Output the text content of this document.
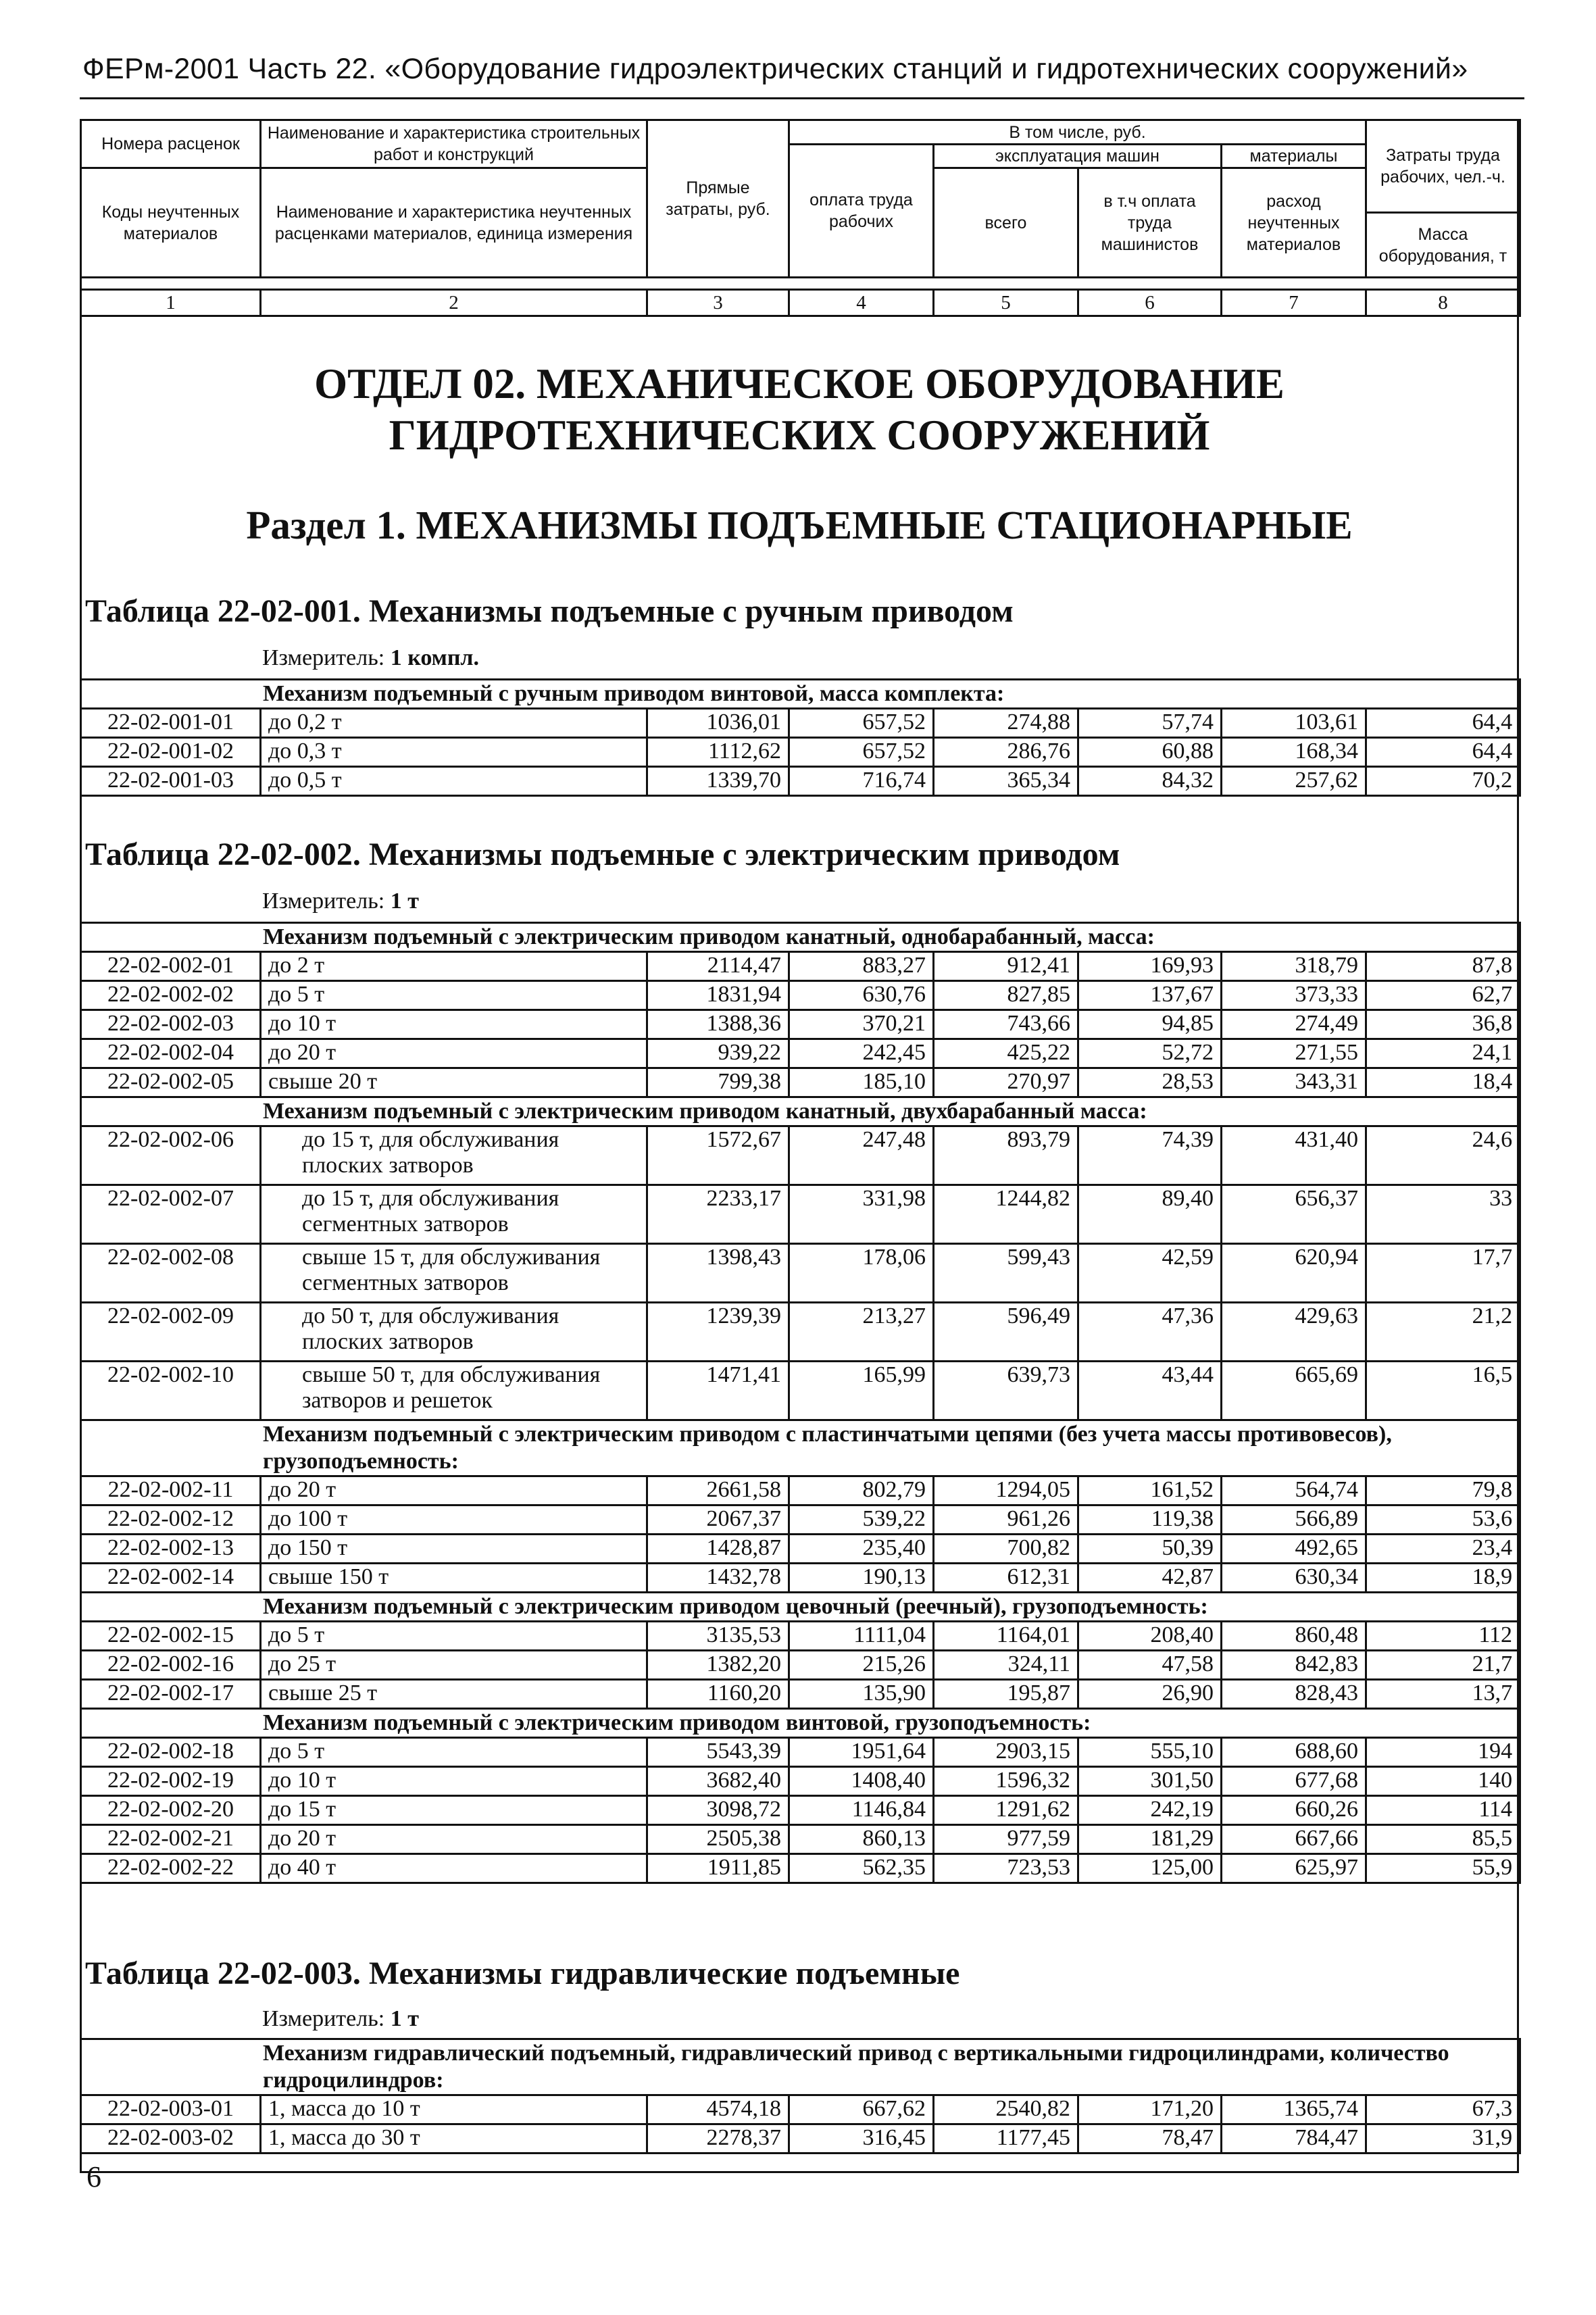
ФЕРм-2001 Часть 22. «Оборудование гидроэлектрических станций и гидротехнических сооружений»
Номера расценок	Наименование и характеристика строительных работ и конструкций	Прямые затраты, руб.	В том числе, руб.				Затраты труда рабочих, чел.-ч.
			оплата труда рабочих	эксплуатация машин		материалы	
Коды неучтенных материалов	Наименование и характеристика неучтенных расценками материалов, единица измерения			всего	в т.ч оплата труда машинистов	расход неучтенных материалов	
							Масса оборудования, т

1	2	3	4	5	6	7	8
ОТДЕЛ 02. МЕХАНИЧЕСКОЕ ОБОРУДОВАНИЕ ГИДРОТЕХНИЧЕСКИХ СООРУЖЕНИЙ
Раздел 1. МЕХАНИЗМЫ ПОДЪЕМНЫЕ СТАЦИОНАРНЫЕ
Таблица 22-02-001. Механизмы подъемные с ручным приводом
Измеритель: 1 компл.
Механизм подъемный с ручным приводом винтовой, масса комплекта:							
22-02-001-01	до 0,2 т	1036,01	657,52	274,88	57,74	103,61	64,4
22-02-001-02	до 0,3 т	1112,62	657,52	286,76	60,88	168,34	64,4
22-02-001-03	до 0,5 т	1339,70	716,74	365,34	84,32	257,62	70,2
Таблица 22-02-002. Механизмы подъемные с электрическим приводом
Измеритель: 1 т
Механизм подъемный с электрическим приводом канатный, однобарабанный, масса:							
22-02-002-01	до 2 т	2114,47	883,27	912,41	169,93	318,79	87,8
22-02-002-02	до 5 т	1831,94	630,76	827,85	137,67	373,33	62,7
22-02-002-03	до 10 т	1388,36	370,21	743,66	94,85	274,49	36,8
22-02-002-04	до 20 т	939,22	242,45	425,22	52,72	271,55	24,1
22-02-002-05	свыше 20 т	799,38	185,10	270,97	28,53	343,31	18,4
Механизм подъемный с электрическим приводом канатный, двухбарабанный масса:							
22-02-002-06	до 15 т, для обслуживания плоских затворов	1572,67	247,48	893,79	74,39	431,40	24,6
22-02-002-07	до 15 т, для обслуживания сегментных затворов	2233,17	331,98	1244,82	89,40	656,37	33
22-02-002-08	свыше 15 т, для обслуживания сегментных затворов	1398,43	178,06	599,43	42,59	620,94	17,7
22-02-002-09	до 50 т, для обслуживания плоских затворов	1239,39	213,27	596,49	47,36	429,63	21,2
22-02-002-10	свыше 50 т, для обслуживания затворов и решеток	1471,41	165,99	639,73	43,44	665,69	16,5
Механизм подъемный с электрическим приводом с пластинчатыми цепями (без учета массы противовесов), грузоподъемность:							
22-02-002-11	до 20 т	2661,58	802,79	1294,05	161,52	564,74	79,8
22-02-002-12	до 100 т	2067,37	539,22	961,26	119,38	566,89	53,6
22-02-002-13	до 150 т	1428,87	235,40	700,82	50,39	492,65	23,4
22-02-002-14	свыше 150 т	1432,78	190,13	612,31	42,87	630,34	18,9
Механизм подъемный с электрическим приводом цевочный (реечный), грузоподъемность:							
22-02-002-15	до 5 т	3135,53	1111,04	1164,01	208,40	860,48	112
22-02-002-16	до 25 т	1382,20	215,26	324,11	47,58	842,83	21,7
22-02-002-17	свыше 25 т	1160,20	135,90	195,87	26,90	828,43	13,7
Механизм подъемный с электрическим приводом винтовой, грузоподъемность:							
22-02-002-18	до 5 т	5543,39	1951,64	2903,15	555,10	688,60	194
22-02-002-19	до 10 т	3682,40	1408,40	1596,32	301,50	677,68	140
22-02-002-20	до 15 т	3098,72	1146,84	1291,62	242,19	660,26	114
22-02-002-21	до 20 т	2505,38	860,13	977,59	181,29	667,66	85,5
22-02-002-22	до 40 т	1911,85	562,35	723,53	125,00	625,97	55,9
Таблица 22-02-003. Механизмы гидравлические подъемные
Измеритель: 1 т
Механизм гидравлический подъемный, гидравлический привод с вертикальными гидроцилиндрами, количество гидроцилиндров:							
22-02-003-01	1, масса до 10 т	4574,18	667,62	2540,82	171,20	1365,74	67,3
22-02-003-02	1, масса до 30 т	2278,37	316,45	1177,45	78,47	784,47	31,9
6
